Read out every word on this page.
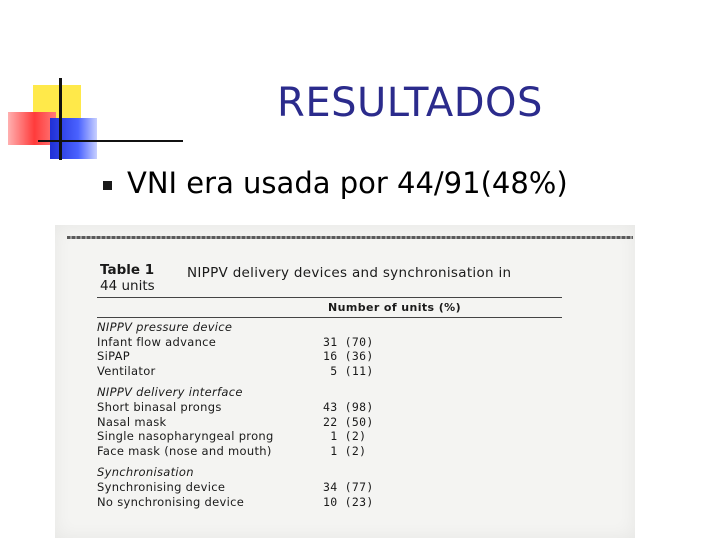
RESULTADOS
VNI era usada por 44/91(48%)
Table 1
44 units
NIPPV delivery devices and synchronisation in
Number of units (%)
NIPPV pressure device
Infant flow advance	31 (70)
SiPAP	16 (36)
Ventilator	5 (11)
NIPPV delivery interface
Short binasal prongs	43 (98)
Nasal mask	22 (50)
Single nasopharyngeal prong	1 (2)
Face mask (nose and mouth)	1 (2)
Synchronisation
Synchronising device	34 (77)
No synchronising device	10 (23)
